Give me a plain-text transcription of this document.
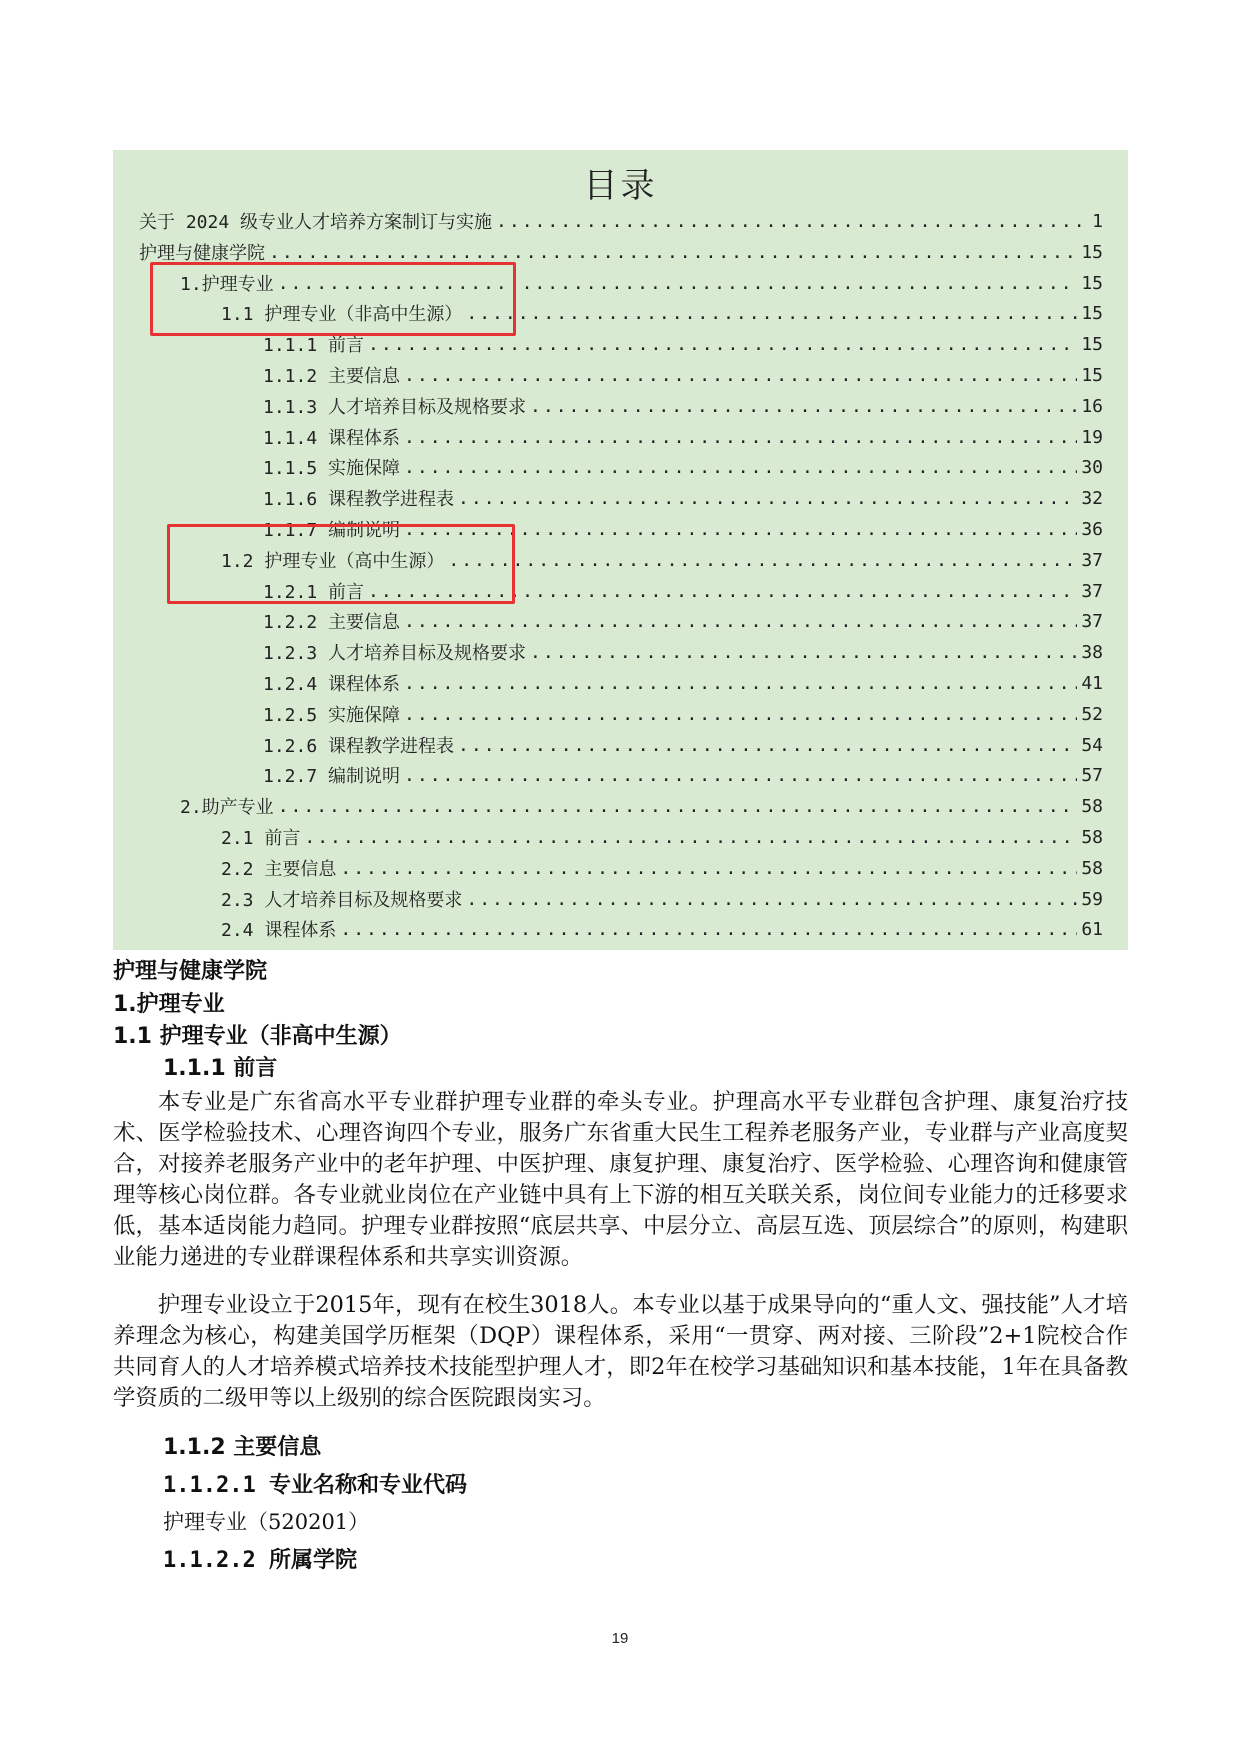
目录
关于 2024 级专业人才培养方案制订与实施 .....	1
护理与健康学院 .....	15
1.护理专业 .....	15
1.1 护理专业（非高中生源） .....	15
1.1.1 前言 .....	15
1.1.2 主要信息 .....	15
1.1.3 人才培养目标及规格要求 .....	16
1.1.4 课程体系 .....	19
1.1.5 实施保障 .....	30
1.1.6 课程教学进程表 .....	32
1.1.7 编制说明 .....	36
1.2 护理专业（高中生源） .....	37
1.2.1 前言 .....	37
1.2.2 主要信息 .....	37
1.2.3 人才培养目标及规格要求 .....	38
1.2.4 课程体系 .....	41
1.2.5 实施保障 .....	52
1.2.6 课程教学进程表 .....	54
1.2.7 编制说明 .....	57
2.助产专业 .....	58
2.1 前言 .....	58
2.2 主要信息 .....	58
2.3 人才培养目标及规格要求 .....	59
2.4 课程体系 .....	61
护理与健康学院
1.护理专业
1.1 护理专业（非高中生源）
1.1.1 前言
本专业是广东省高水平专业群护理专业群的牵头专业。护理高水平专业群包含护理、康复治疗技术、医学检验技术、心理咨询四个专业，服务广东省重大民生工程养老服务产业，专业群与产业高度契合，对接养老服务产业中的老年护理、中医护理、康复护理、康复治疗、医学检验、心理咨询和健康管理等核心岗位群。各专业就业岗位在产业链中具有上下游的相互关联关系，岗位间专业能力的迁移要求低，基本适岗能力趋同。护理专业群按照“底层共享、中层分立、高层互选、顶层综合”的原则，构建职业能力递进的专业群课程体系和共享实训资源。
护理专业设立于2015年，现有在校生3018人。本专业以基于成果导向的“重人文、强技能”人才培养理念为核心，构建美国学历框架（DQP）课程体系，采用“一贯穿、两对接、三阶段”2+1院校合作共同育人的人才培养模式培养技术技能型护理人才，即2年在校学习基础知识和基本技能，1年在具备教学资质的二级甲等以上级别的综合医院跟岗实习。
1.1.2 主要信息
1.1.2.1 专业名称和专业代码
护理专业（520201）
1.1.2.2 所属学院
19
